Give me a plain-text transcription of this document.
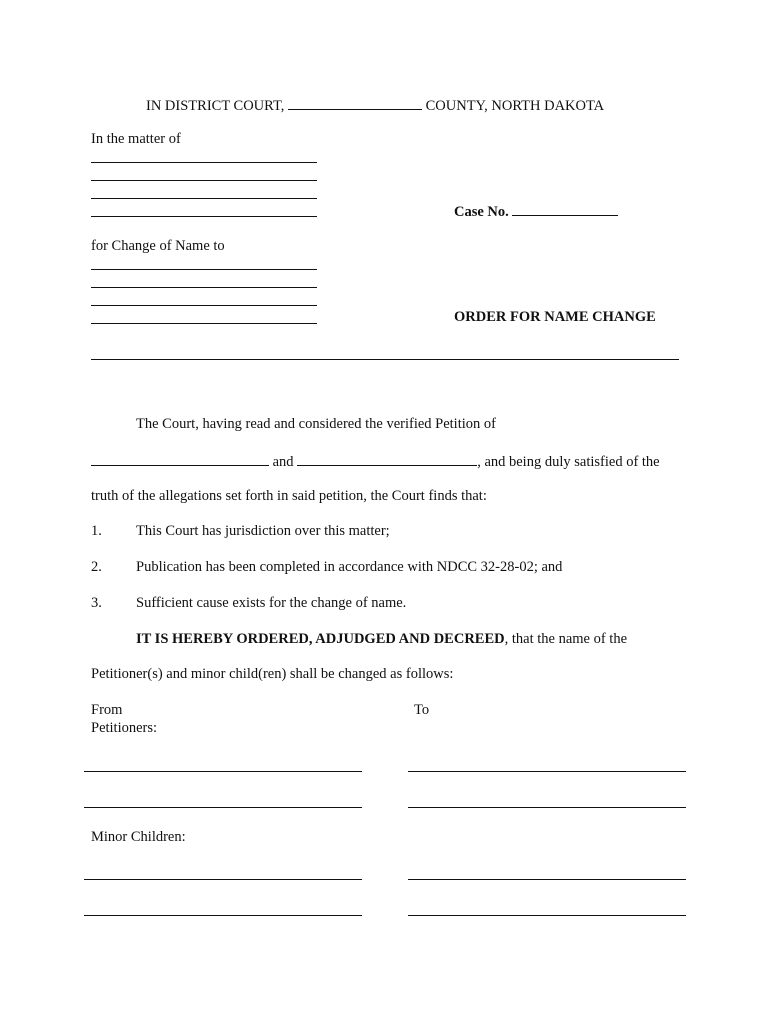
IN DISTRICT COURT,	COUNTY, NORTH DAKOTA
In the matter of
Case No.
for Change of Name to
ORDER FOR NAME CHANGE
The Court, having read and considered the verified Petition of
and	, and being duly satisfied of the
truth of the allegations set forth in said petition, the Court finds that:
1. This Court has jurisdiction over this matter;
2. Publication has been completed in accordance with NDCC 32-28-02; and
3. Sufficient cause exists for the change of name.
IT IS HEREBY ORDERED, ADJUDGED AND DECREED, that the name of the
Petitioner(s) and minor child(ren) shall be changed as follows:
From	To
Petitioners:
Minor Children:
